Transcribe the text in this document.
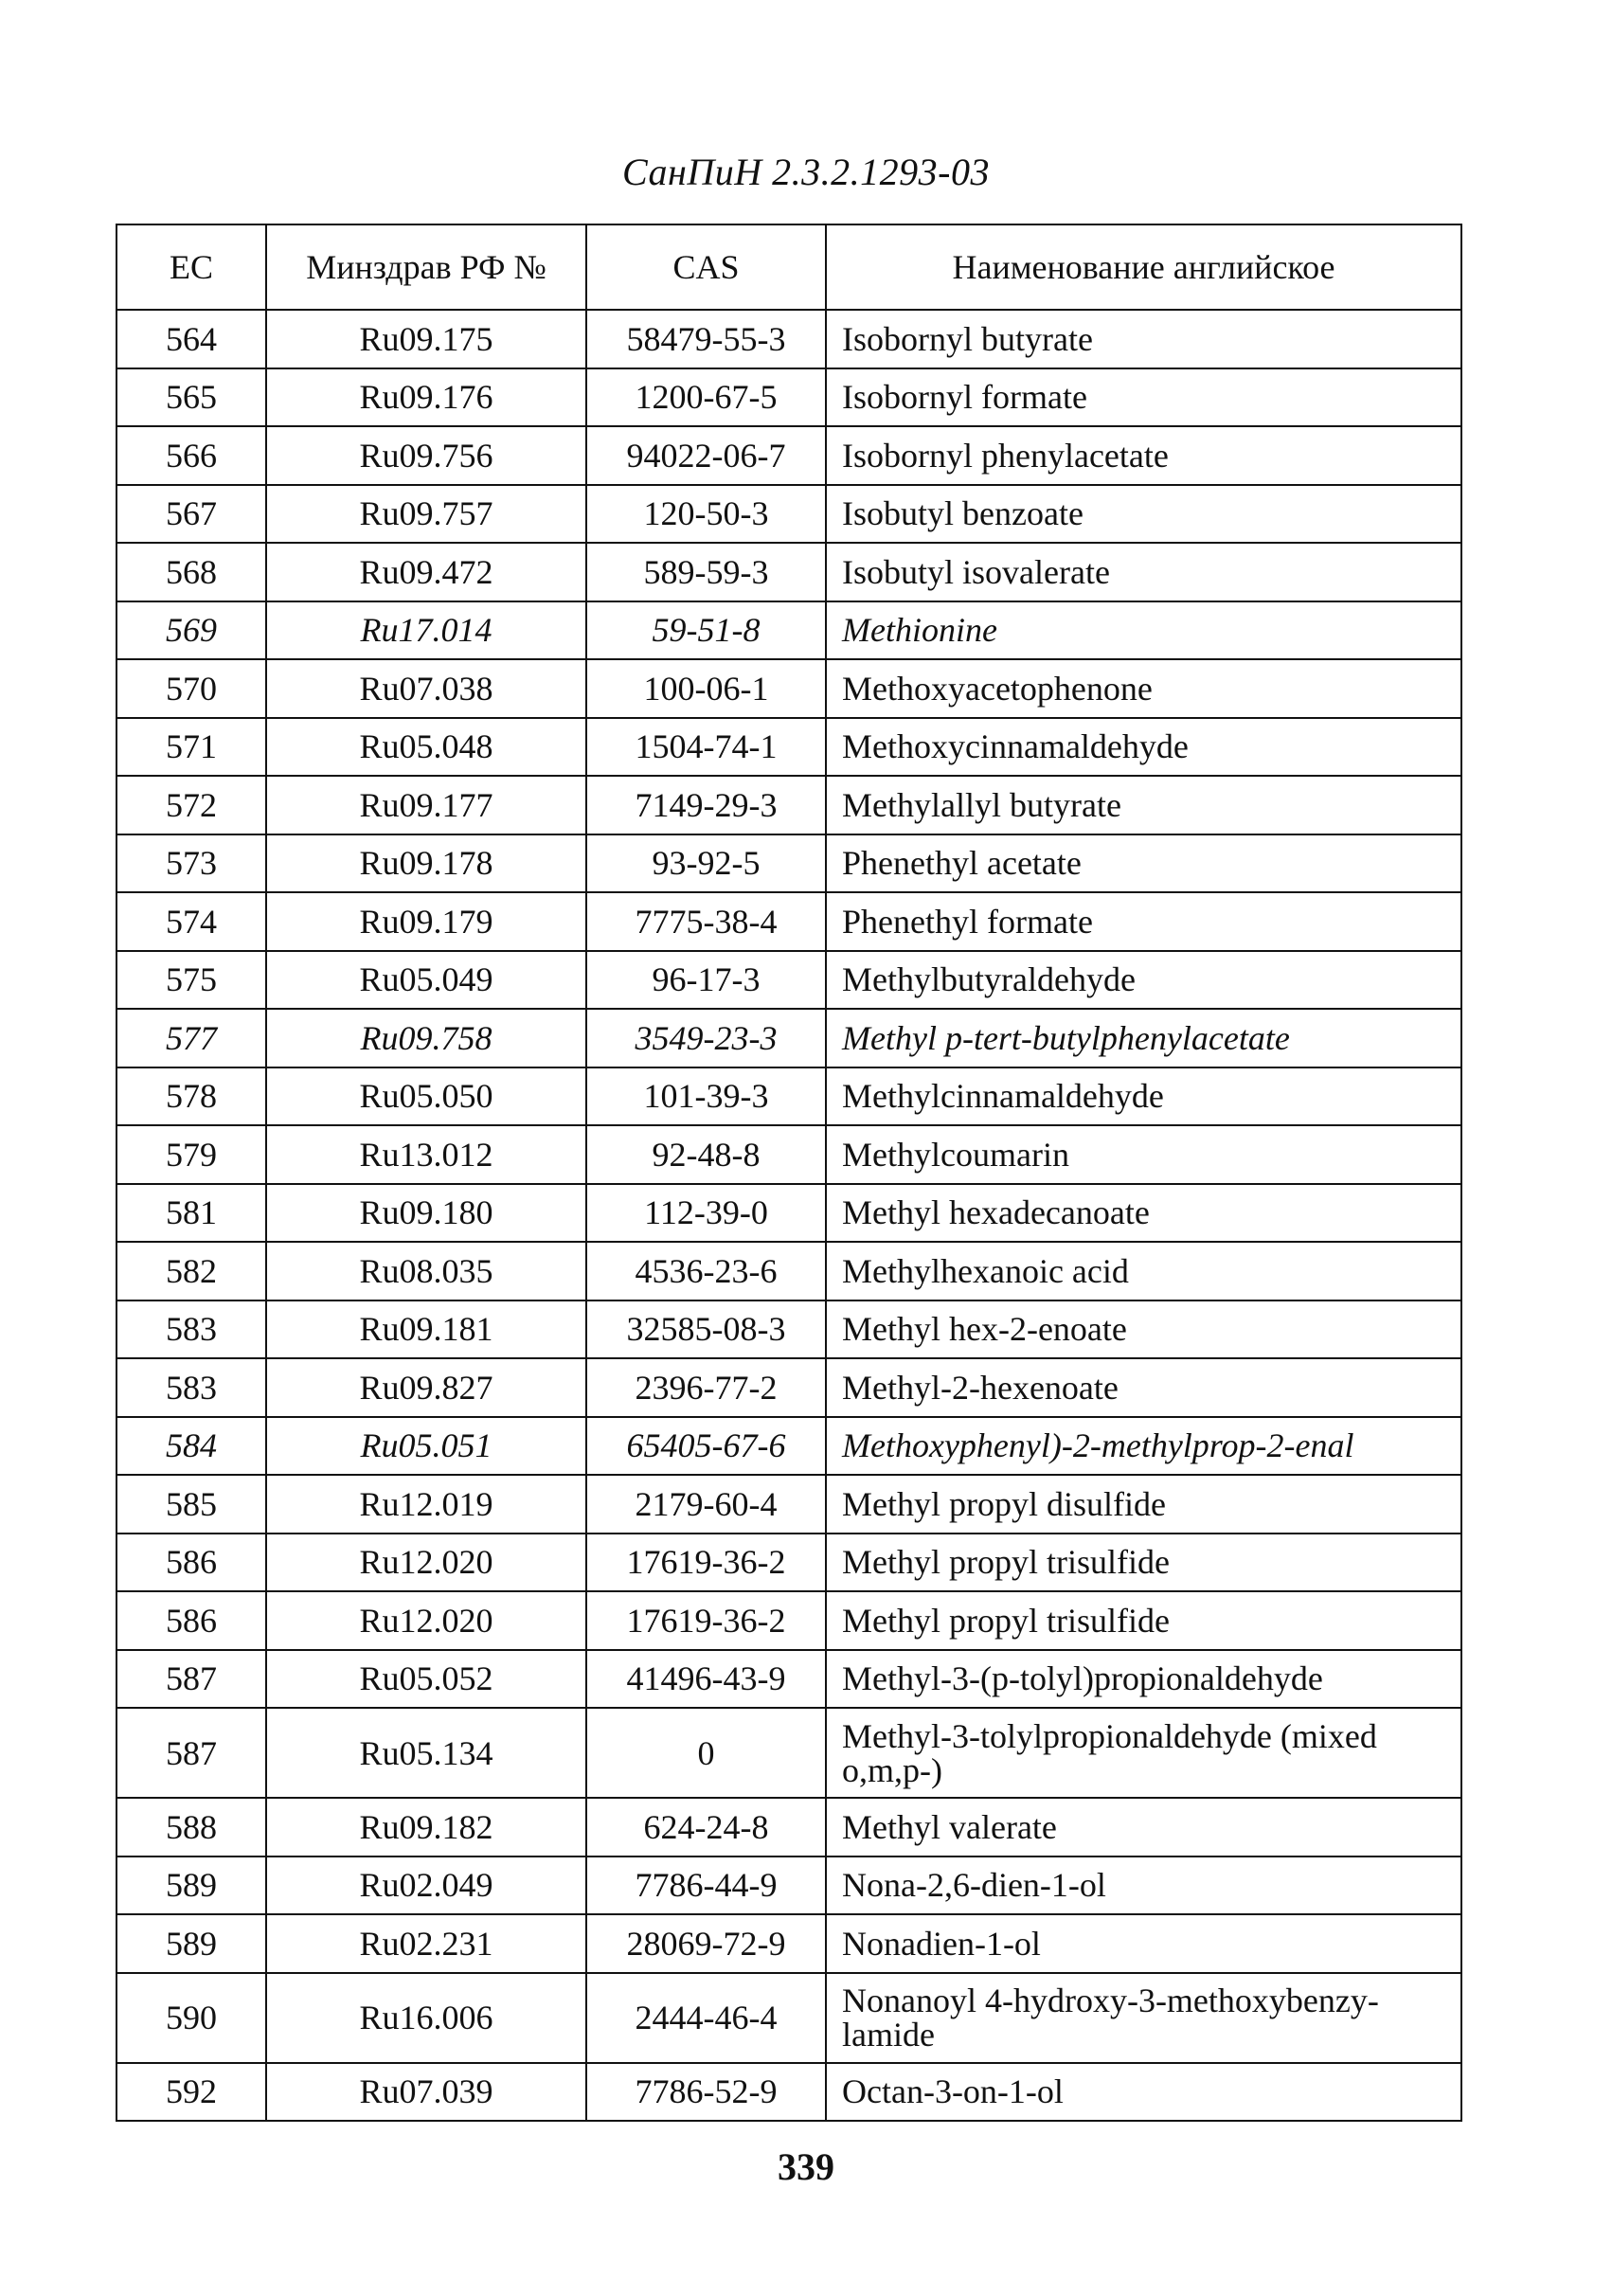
СанПиН 2.3.2.1293-03
EC	Минздрав РФ №	CAS	Наименование английское
564	Ru09.175	58479-55-3	Isobornyl butyrate
565	Ru09.176	1200-67-5	Isobornyl formate
566	Ru09.756	94022-06-7	Isobornyl phenylacetate
567	Ru09.757	120-50-3	Isobutyl benzoate
568	Ru09.472	589-59-3	Isobutyl isovalerate
569	Ru17.014	59-51-8	Methionine
570	Ru07.038	100-06-1	Methoxyacetophenone
571	Ru05.048	1504-74-1	Methoxycinnamaldehyde
572	Ru09.177	7149-29-3	Methylallyl butyrate
573	Ru09.178	93-92-5	Phenethyl acetate
574	Ru09.179	7775-38-4	Phenethyl formate
575	Ru05.049	96-17-3	Methylbutyraldehyde
577	Ru09.758	3549-23-3	Methyl p-tert-butylphenylacetate
578	Ru05.050	101-39-3	Methylcinnamaldehyde
579	Ru13.012	92-48-8	Methylcoumarin
581	Ru09.180	112-39-0	Methyl hexadecanoate
582	Ru08.035	4536-23-6	Methylhexanoic acid
583	Ru09.181	32585-08-3	Methyl hex-2-enoate
583	Ru09.827	2396-77-2	Methyl-2-hexenoate
584	Ru05.051	65405-67-6	Methoxyphenyl)-2-methylprop-2-enal
585	Ru12.019	2179-60-4	Methyl propyl disulfide
586	Ru12.020	17619-36-2	Methyl propyl trisulfide
586	Ru12.020	17619-36-2	Methyl propyl trisulfide
587	Ru05.052	41496-43-9	Methyl-3-(p-tolyl)propionaldehyde
587	Ru05.134	0	Methyl-3-tolylpropionaldehyde (mixed o,m,p-)
588	Ru09.182	624-24-8	Methyl valerate
589	Ru02.049	7786-44-9	Nona-2,6-dien-1-ol
589	Ru02.231	28069-72-9	Nonadien-1-ol
590	Ru16.006	2444-46-4	Nonanoyl 4-hydroxy-3-methoxybenzy-lamide
592	Ru07.039	7786-52-9	Octan-3-on-1-ol
339
